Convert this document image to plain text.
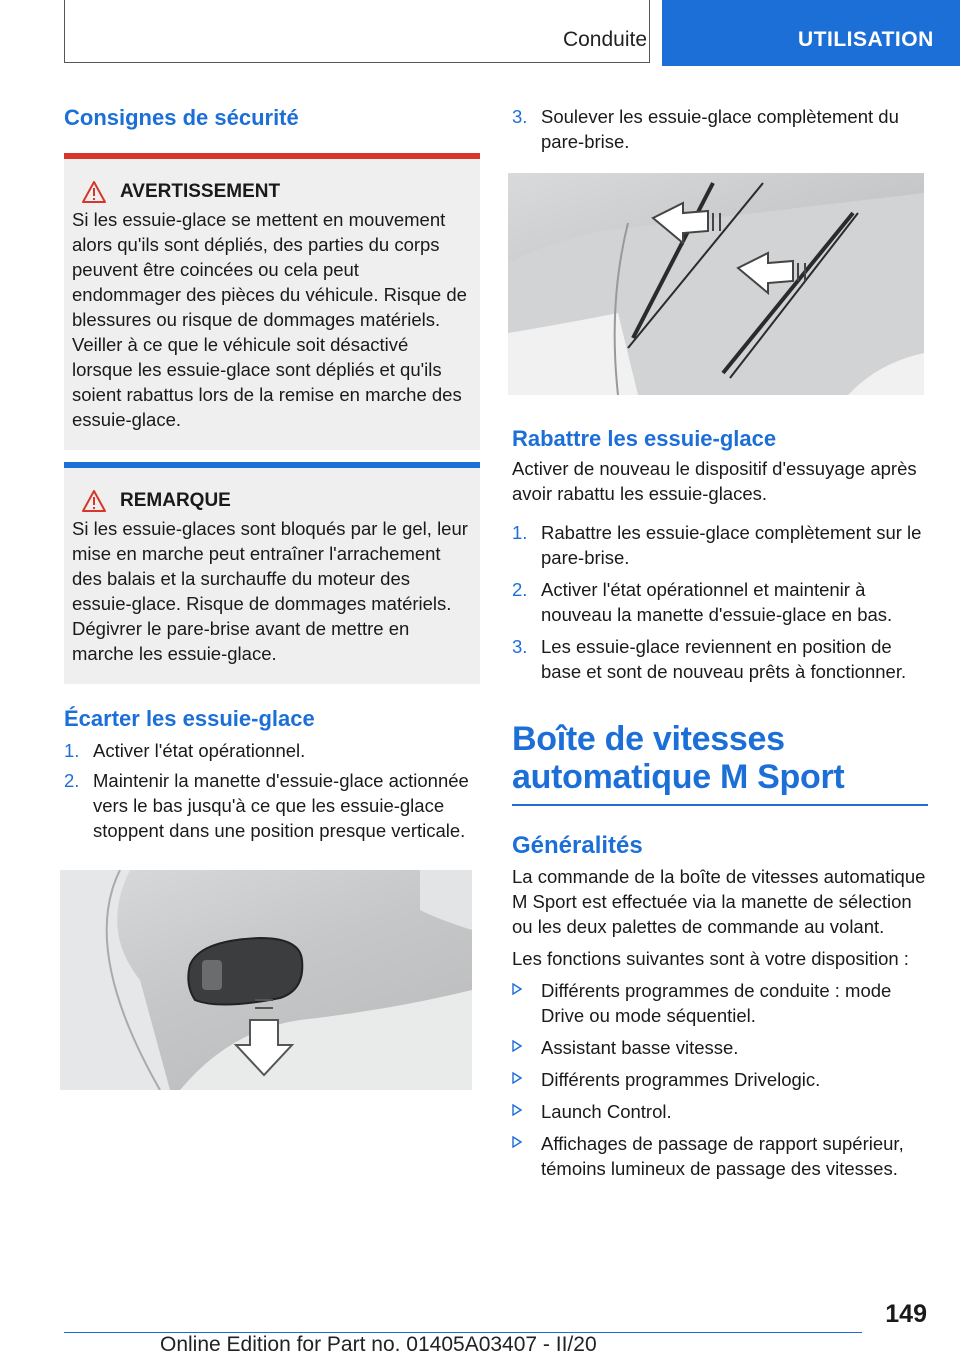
Conduite	UTILISATION
Consignes de sécurité
AVERTISSEMENT

Si les essuie-glace se mettent en mouvement alors qu'ils sont dépliés, des parties du corps peuvent être coincées ou cela peut endommager des pièces du véhicule. Risque de blessures ou risque de dommages matériels. Veiller à ce que le véhicule soit désactivé lorsque les essuie-glace sont dépliés et qu'ils soient rabattus lors de la remise en marche des essuie-glace.

REMARQUE

Si les essuie-glaces sont bloqués par le gel, leur mise en marche peut entraîner l'arrachement des balais et la surchauffe du moteur des essuie-glace. Risque de dommages matériels. Dégivrer le pare-brise avant de mettre en marche les essuie-glace.

Écarter les essuie-glace
1. Activer l'état opérationnel.
2. Maintenir la manette d'essuie-glace actionnée vers le bas jusqu'à ce que les essuie-glace stoppent dans une position presque verticale.
3. Soulever les essuie-glace complètement du pare-brise.
Rabattre les essuie-glace

Activer de nouveau le dispositif d'essuyage après avoir rabattu les essuie-glaces.

1. Rabattre les essuie-glace complètement sur le pare-brise.
2. Activer l'état opérationnel et maintenir à nouveau la manette d'essuie-glace en bas.
3. Les essuie-glace reviennent en position de base et sont de nouveau prêts à fonctionner.
Boîte de vitesses automatique M Sport
Généralités

La commande de la boîte de vitesses automatique M Sport est effectuée via la manette de sélection ou les deux palettes de commande au volant.

Les fonctions suivantes sont à votre disposition :

Différents programmes de conduite : mode Drive ou mode séquentiel.
Assistant basse vitesse.
Différents programmes Drivelogic.
Launch Control.
Affichages de passage de rapport supérieur, témoins lumineux de passage des vitesses.
149
Online Edition for Part no. 01405A03407 - II/20
